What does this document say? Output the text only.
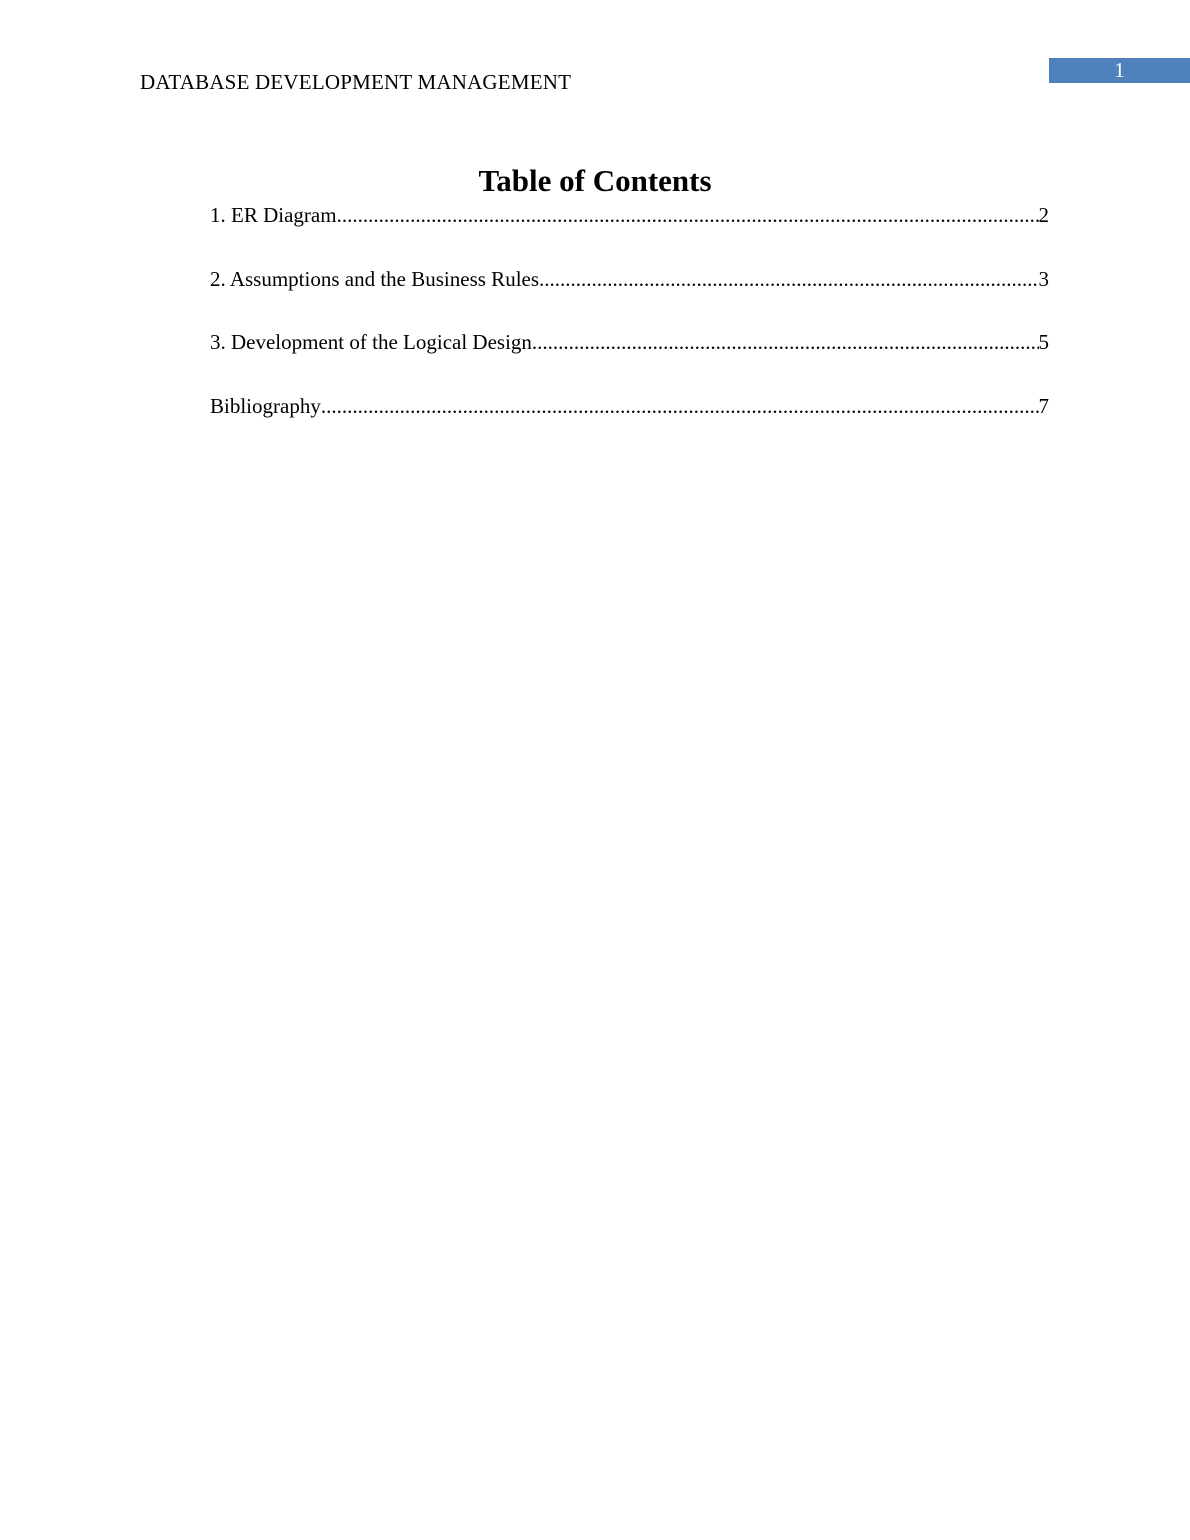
DATABASE DEVELOPMENT MANAGEMENT	1
Table of Contents
1. ER Diagram .....	2
2. Assumptions and the Business Rules .....	3
3. Development of the Logical Design .....	5
Bibliography .....	7
